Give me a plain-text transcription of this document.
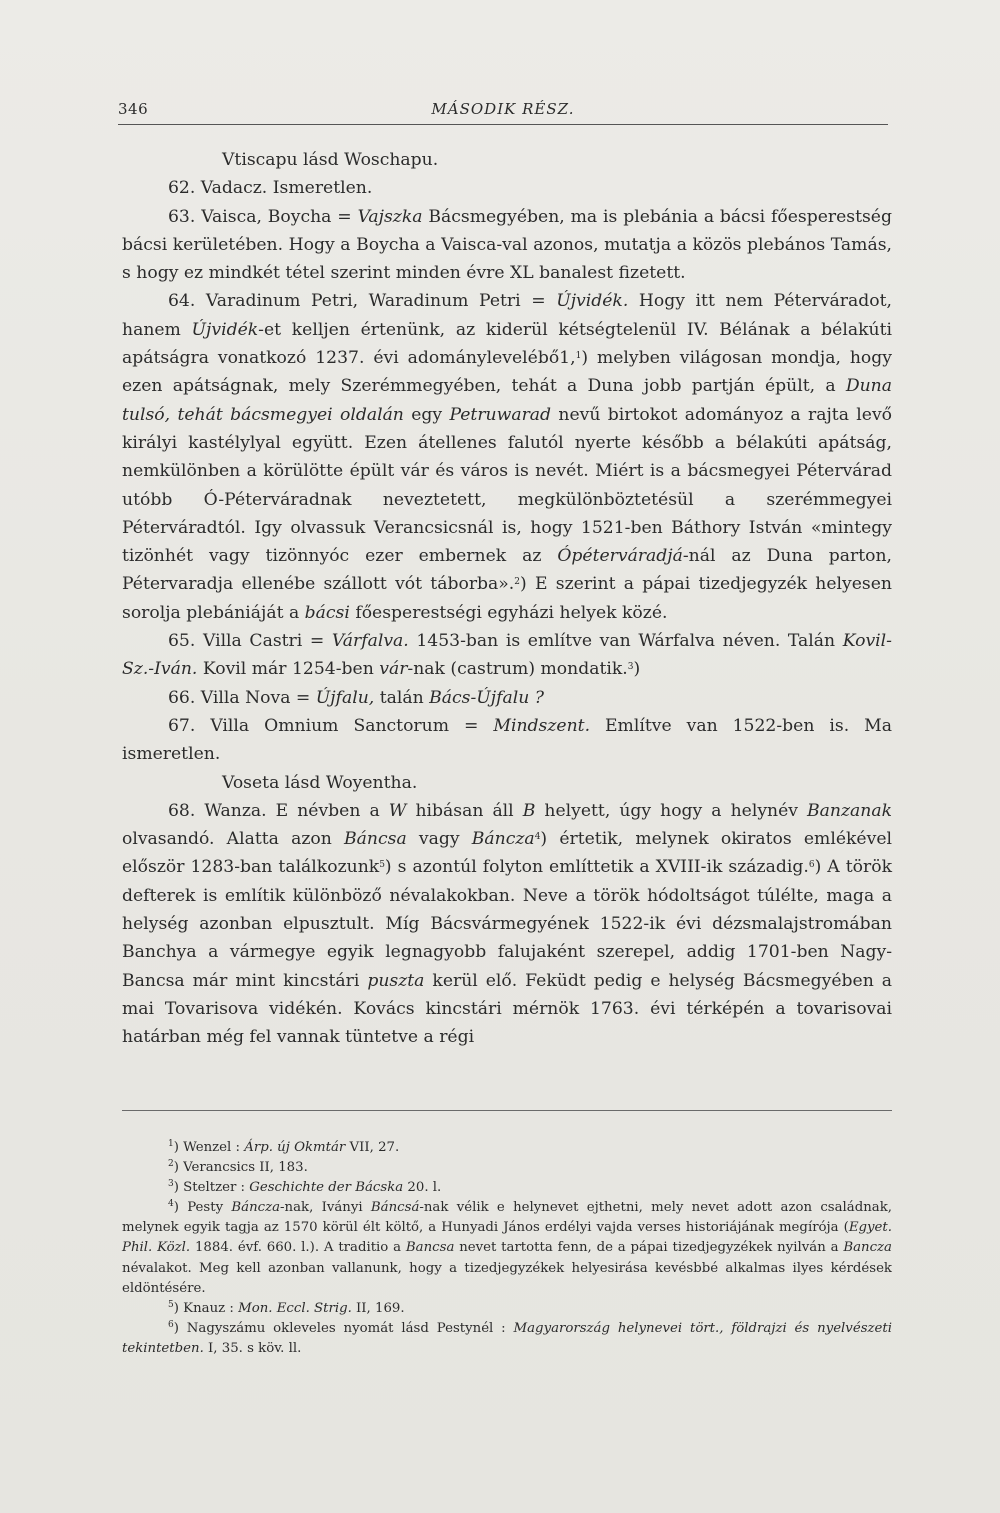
346	MÁSODIK RÉSZ.

Vtiscapu lásd Woschapu.

62. Vadacz. Ismeretlen.

63. Vaisca, Boycha = Vajszka Bácsmegyében, ma is plebánia a bácsi főesperestség bácsi kerületében. Hogy a Boycha a Vaisca-val azonos, mutatja a közös plebános Tamás, s hogy ez mindkét tétel szerint minden évre XL banalest fizetett.

64. Varadinum Petri, Waradinum Petri = Újvidék. Hogy itt nem Péterváradot, hanem Újvidék-et kelljen értenünk, az kiderül kétségtelenül IV. Bélának a bélakúti apátságra vonatkozó 1237. évi adománylevelébő1,$^1$) melyben világosan mondja, hogy ezen apátságnak, mely Szerémmegyében, tehát a Duna jobb partján épült, a Duna tulsó, tehát bácsmegyei oldalán egy Petruwarad nevű birtokot adományoz a rajta levő királyi kastélylyal együtt. Ezen átellenes falutól nyerte később a bélakúti apátság, nemkülönben a körülötte épült vár és város is nevét. Miért is a bácsmegyei Pétervárad utóbb Ó-Péterváradnak neveztetett, megkülönböztetésül a szerémmegyei Péterváradtól. Igy olvassuk Verancsicsnál is, hogy 1521-ben Báthory István «mintegy tizönhét vagy tizönnyóc ezer embernek az Ópéterváradjá-nál az Duna parton, Pétervaradja ellenébe szállott vót táborba».$^2$) E szerint a pápai tizedjegyzék helyesen sorolja plebániáját a bácsi főesperestségi egyházi helyek közé.

65. Villa Castri = Várfalva. 1453-ban is említve van Wárfalva néven. Talán Kovil-Sz.-Iván. Kovil már 1254-ben vár-nak (castrum) mondatik.$^3$)

66. Villa Nova = Újfalu, talán Bács-Újfalu ?

67. Villa Omnium Sanctorum = Mindszent. Említve van 1522-ben is. Ma ismeretlen.

Voseta lásd Woyentha.

68. Wanza. E névben a W hibásan áll B helyett, úgy hogy a helynév Banzanak olvasandó. Alatta azon Báncsa vagy Báncza$^4$) értetik, melynek okiratos emlékével először 1283-ban találkozunk$^5$) s azontúl folyton említtetik a XVIII-ik századig.$^6$) A török defterek is említik különböző névalakokban. Neve a török hódoltságot túlélte, maga a helység azonban elpusztult. Míg Bácsvármegyének 1522-ik évi dézsmalajstromában Banchya a vármegye egyik legnagyobb falujaként szerepel, addig 1701-ben Nagy-Bancsa már mint kincstári puszta kerül elő. Feküdt pedig e helység Bácsmegyében a mai Tovarisova vidékén. Kovács kincstári mérnök 1763. évi térképén a tovarisovai határban még fel vannak tüntetve a régi

$^1$) Wenzel : Árp. új Okmtár VII, 27.

$^2$) Verancsics II, 183.

$^3$) Steltzer : Geschichte der Bácska 20. l.

$^4$) Pesty Báncza-nak, Iványi Báncsá-nak vélik e helynevet ejthetni, mely nevet adott azon családnak, melynek egyik tagja az 1570 körül élt költő, a Hunyadi János erdélyi vajda verses historiájának megírója (Egyet. Phil. Közl. 1884. évf. 660. l.). A traditio a Bancsa nevet tartotta fenn, de a pápai tizedjegyzékek nyilván a Bancza névalakot. Meg kell azonban vallanunk, hogy a tizedjegyzékek helyesirása kevésbbé alkalmas ilyes kérdések eldöntésére.

$^5$) Knauz : Mon. Eccl. Strig. II, 169.

$^6$) Nagyszámu okleveles nyomát lásd Pestynél : Magyarország helynevei tört., földrajzi és nyelvészeti tekintetben. I, 35. s köv. ll.
